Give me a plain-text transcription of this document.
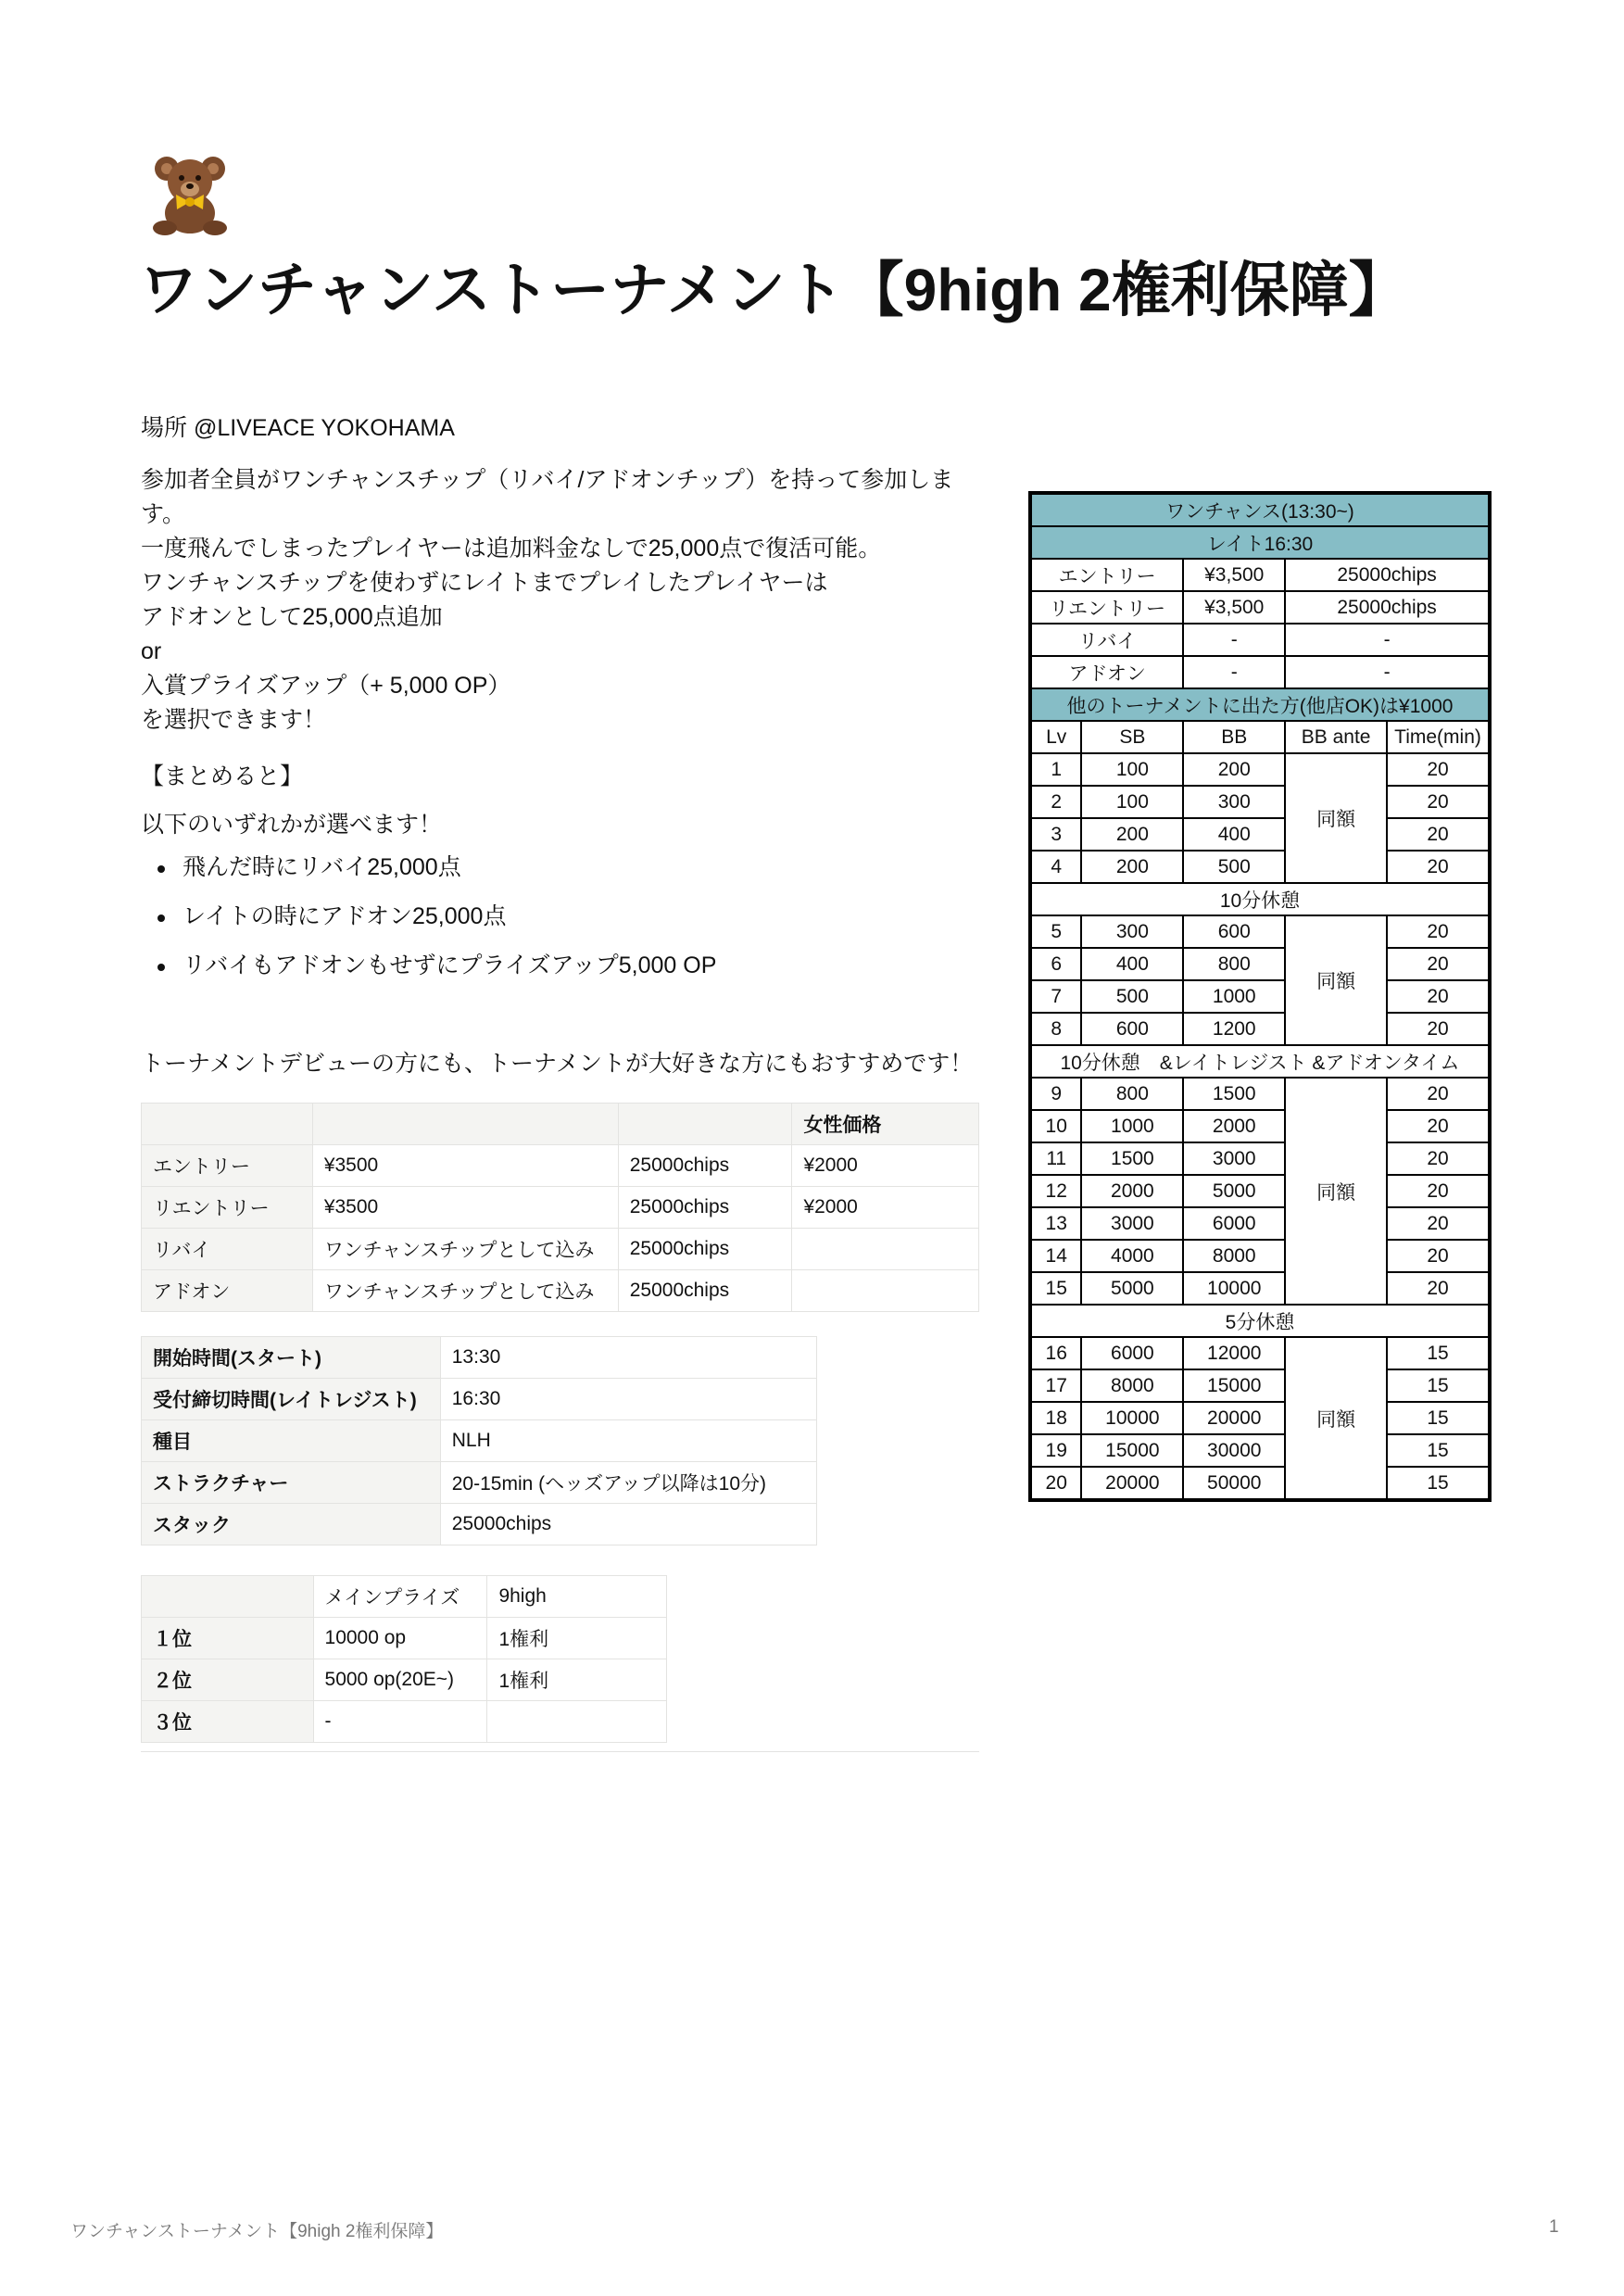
ワンチャンストーナメント【9high 2権利保障】
場所 @LIVEACE YOKOHAMA

参加者全員がワンチャンスチップ（リバイ/アドオンチップ）を持って参加しま

す。

一度飛んでしまったプレイヤーは追加料金なしで25,000点で復活可能。

ワンチャンスチップを使わずにレイトまでプレイしたプレイヤーは

アドオンとして25,000点追加

or

入賞プライズアップ（+ 5,000 OP）

を選択できます！

【まとめると】
以下のいずれかが選べます！
飛んだ時にリバイ25,000点
レイトの時にアドオン25,000点
リバイもアドオンもせずにプライズアップ5,000 OP
トーナメントデビューの方にも、トーナメントが大好きな方にもおすすめです！
			女性価格
エントリー	¥3500	25000chips	¥2000
リエントリー	¥3500	25000chips	¥2000
リバイ	ワンチャンスチップとして込み	25000chips	
アドオン	ワンチャンスチップとして込み	25000chips	
開始時間(スタート)	13:30
受付締切時間(レイトレジスト)	16:30
種目	NLH
ストラクチャー	20-15min (ヘッズアップ以降は10分)
スタック	25000chips
	メインプライズ	9high
１位	10000 op	1権利
２位	5000 op(20E~)	1権利
３位	-	
ワンチャンス(13:30~)				
レイト16:30				
エントリー		¥3,500	25000chips	
リエントリー		¥3,500	25000chips	
リバイ		-	-	
アドオン		-	-	
他のトーナメントに出た方(他店OK)は¥1000				
Lv	SB	BB	BB ante	Time(min)
1	100	200	同額	20
2	100	300		20
3	200	400		20
4	200	500		20
10分休憩				
5	300	600	同額	20
6	400	800		20
7	500	1000		20
8	600	1200		20
10分休憩　&レイトレジスト &アドオンタイム				
9	800	1500	同額	20
10	1000	2000		20
11	1500	3000		20
12	2000	5000		20
13	3000	6000		20
14	4000	8000		20
15	5000	10000		20
5分休憩				
16	6000	12000	同額	15
17	8000	15000		15
18	10000	20000		15
19	15000	30000		15
20	20000	50000		15
ワンチャンストーナメント【9high 2権利保障】	1
